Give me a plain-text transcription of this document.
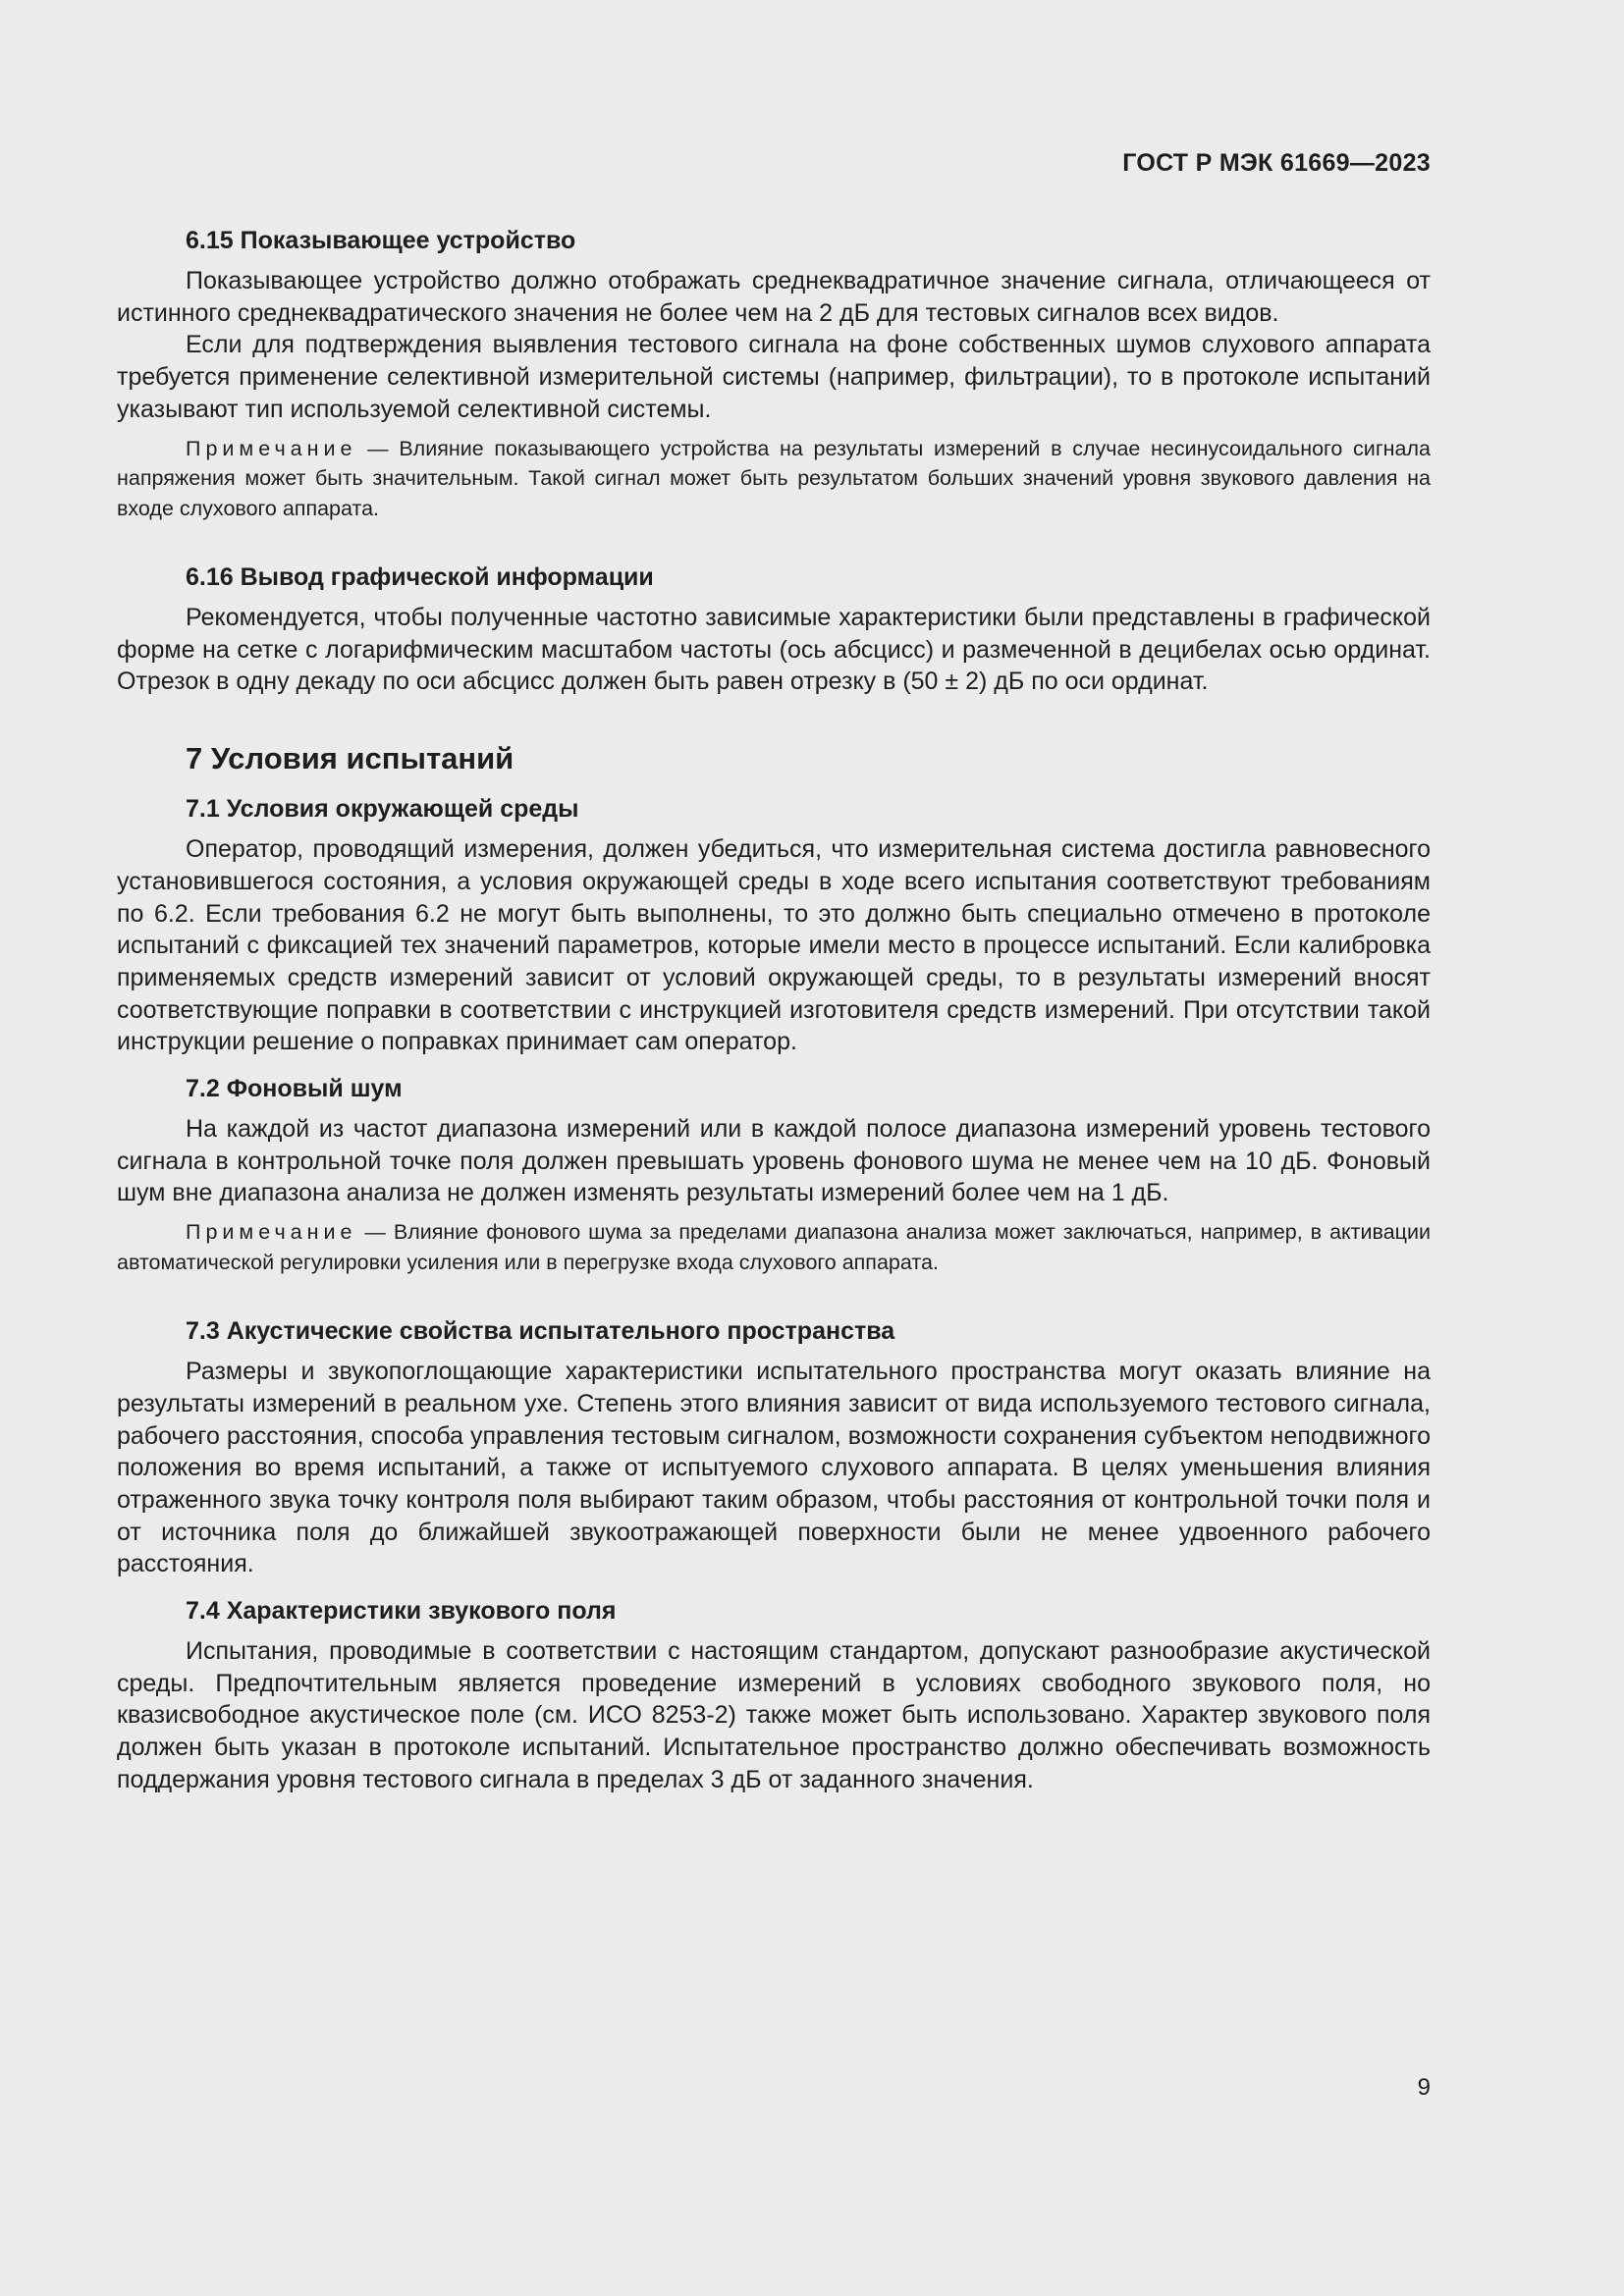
ГОСТ Р МЭК 61669—2023
6.15 Показывающее устройство

Показывающее устройство должно отображать среднеквадратичное значение сигнала, отличающееся от истинного среднеквадратического значения не более чем на 2 дБ для тестовых сигналов всех видов.

Если для подтверждения выявления тестового сигнала на фоне собственных шумов слухового аппарата требуется применение селективной измерительной системы (например, фильтрации), то в протоколе испытаний указывают тип используемой селективной системы.

Примечание — Влияние показывающего устройства на результаты измерений в случае несинусоидального сигнала напряжения может быть значительным. Такой сигнал может быть результатом больших значений уровня звукового давления на входе слухового аппарата.

6.16 Вывод графической информации

Рекомендуется, чтобы полученные частотно зависимые характеристики были представлены в графической форме на сетке с логарифмическим масштабом частоты (ось абсцисс) и размеченной в децибелах осью ординат. Отрезок в одну декаду по оси абсцисс должен быть равен отрезку в (50 ± 2) дБ по оси ординат.

7 Условия испытаний
7.1 Условия окружающей среды

Оператор, проводящий измерения, должен убедиться, что измерительная система достигла равновесного установившегося состояния, а условия окружающей среды в ходе всего испытания соответствуют требованиям по 6.2. Если требования 6.2 не могут быть выполнены, то это должно быть специально отмечено в протоколе испытаний с фиксацией тех значений параметров, которые имели место в процессе испытаний. Если калибровка применяемых средств измерений зависит от условий окружающей среды, то в результаты измерений вносят соответствующие поправки в соответствии с инструкцией изготовителя средств измерений. При отсутствии такой инструкции решение о поправках принимает сам оператор.

7.2 Фоновый шум

На каждой из частот диапазона измерений или в каждой полосе диапазона измерений уровень тестового сигнала в контрольной точке поля должен превышать уровень фонового шума не менее чем на 10 дБ. Фоновый шум вне диапазона анализа не должен изменять результаты измерений более чем на 1 дБ.

Примечание — Влияние фонового шума за пределами диапазона анализа может заключаться, например, в активации автоматической регулировки усиления или в перегрузке входа слухового аппарата.

7.3 Акустические свойства испытательного пространства

Размеры и звукопоглощающие характеристики испытательного пространства могут оказать влияние на результаты измерений в реальном ухе. Степень этого влияния зависит от вида используемого тестового сигнала, рабочего расстояния, способа управления тестовым сигналом, возможности сохранения субъектом неподвижного положения во время испытаний, а также от испытуемого слухового аппарата. В целях уменьшения влияния отраженного звука точку контроля поля выбирают таким образом, чтобы расстояния от контрольной точки поля и от источника поля до ближайшей звукоотражающей поверхности были не менее удвоенного рабочего расстояния.

7.4 Характеристики звукового поля

Испытания, проводимые в соответствии с настоящим стандартом, допускают разнообразие акустической среды. Предпочтительным является проведение измерений в условиях свободного звукового поля, но квазисвободное акустическое поле (см. ИСО 8253-2) также может быть использовано. Характер звукового поля должен быть указан в протоколе испытаний. Испытательное пространство должно обеспечивать возможность поддержания уровня тестового сигнала в пределах 3 дБ от заданного значения.

9
